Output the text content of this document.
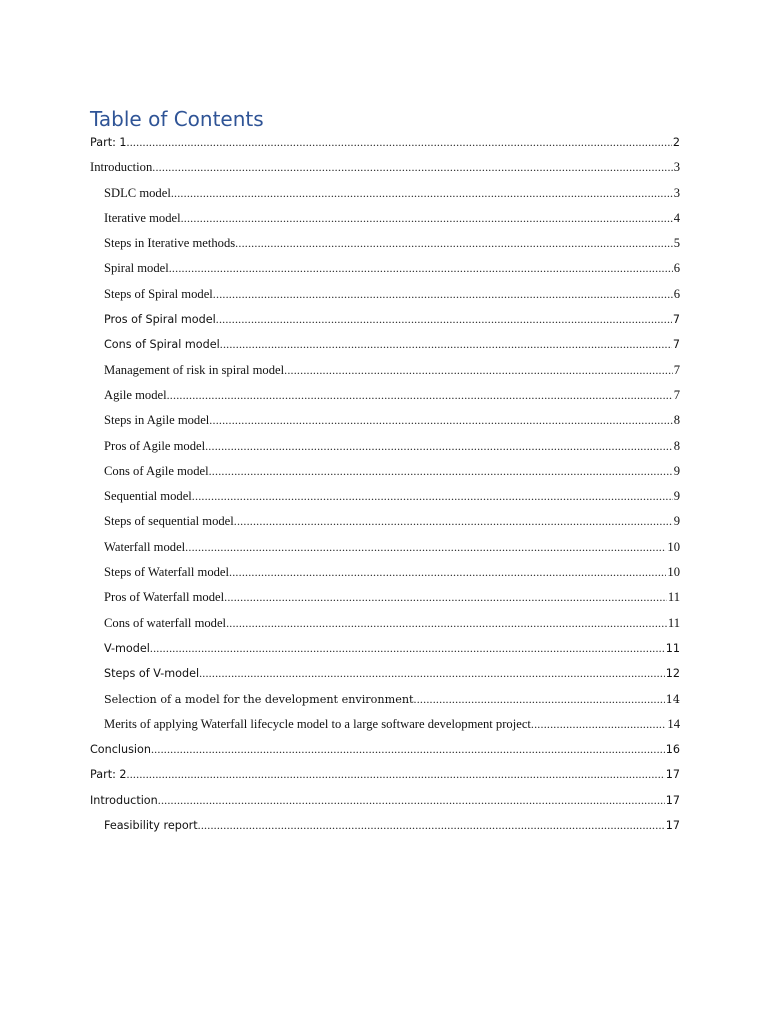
Table of Contents
Part: 1 .....	2
Introduction .....	3
SDLC model .....	3
Iterative model .....	4
Steps in Iterative methods .....	5
Spiral model .....	6
Steps of Spiral model .....	6
Pros of Spiral model .....	7
Cons of Spiral model .....	7
Management of risk in spiral model .....	7
Agile model .....	7
Steps in Agile model .....	8
Pros of Agile model .....	8
Cons of Agile model .....	9
Sequential model .....	9
Steps of sequential model .....	9
Waterfall model .....	10
Steps of Waterfall model .....	10
Pros of Waterfall model .....	11
Cons of waterfall model .....	11
V-model .....	11
Steps of V-model .....	12
Selection of a model for the development environment .....	14
Merits of applying Waterfall lifecycle model to a large software development project .....	14
Conclusion .....	16
Part: 2 .....	17
Introduction .....	17
Feasibility report .....	17
